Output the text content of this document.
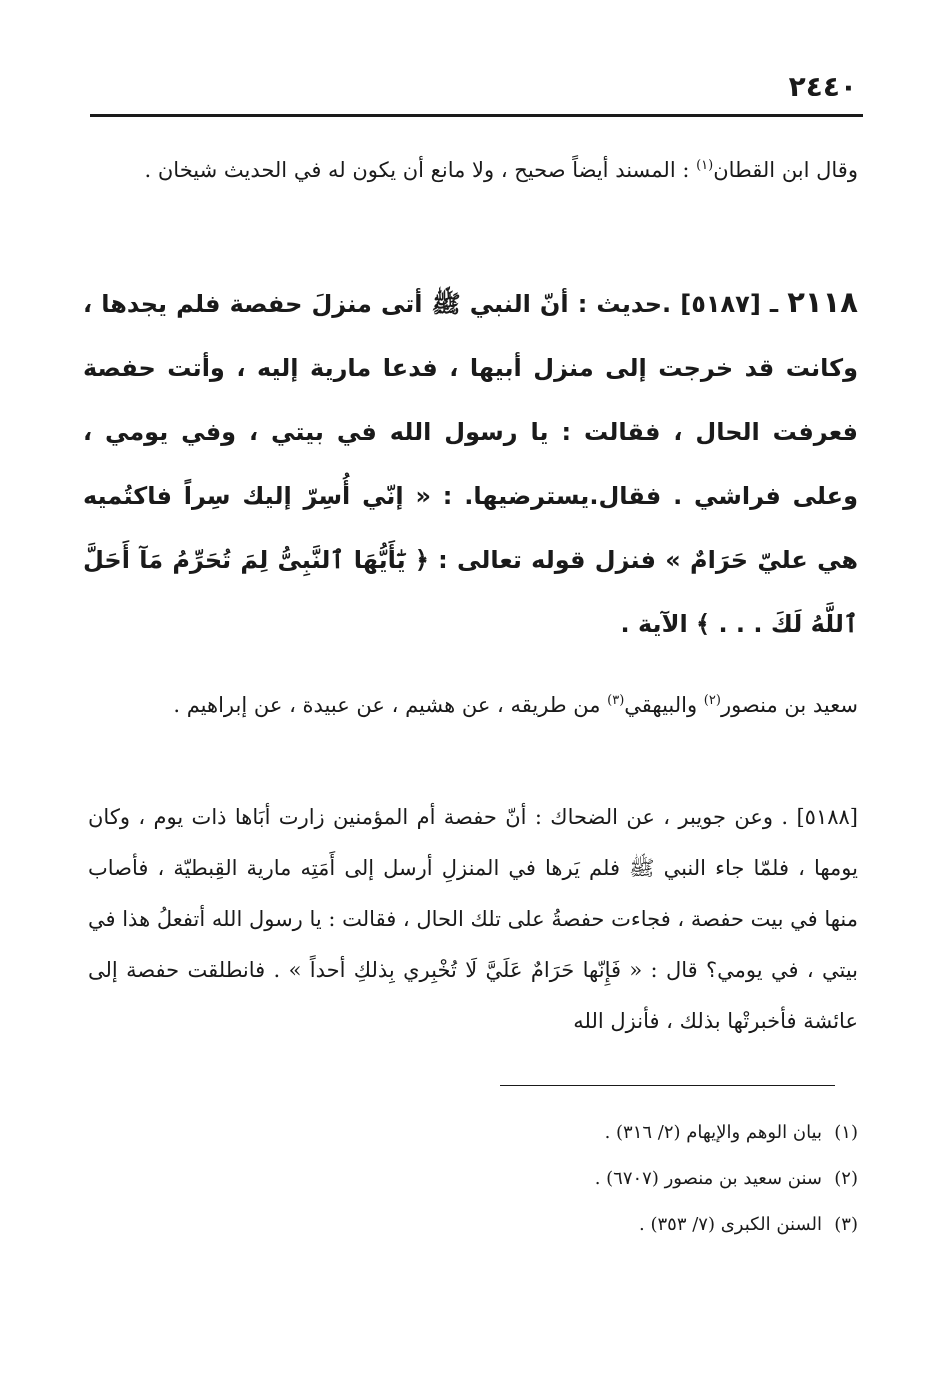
٢٤٤٠

وقال ابن القطان$^{(١)}$ : المسند أيضاً صحيح ، ولا مانع أن يكون له في الحديث شيخان .

٢١١٨ ـ [٥١٨٧] .حديث : أنّ النبي ﷺ أتى منزلَ حفصة فلم يجدها ، وكانت قد خرجت إلى منزل أبيها ، فدعا مارية إليه ، وأتت حفصة فعرفت الحال ، فقالت : يا رسول الله في بيتي ، وفي يومي ، وعلى فراشي . فقال.يسترضيها. : « إنّي أُسِرّ إليك سِراً فاكتُميه هي عليّ حَرَامٌ » فنزل قوله تعالى : ﴿ يَٰٓأَيُّهَا ٱلنَّبِىُّ لِمَ تُحَرِّمُ مَآ أَحَلَّ ٱللَّهُ لَكَ . . . ﴾ الآية .

سعيد بن منصور$^{(٢)}$ والبيهقي$^{(٣)}$ من طريقه ، عن هشيم ، عن عبيدة ، عن إبراهيم .

[٥١٨٨] . وعن جويبر ، عن الضحاك : أنّ حفصة أم المؤمنين زارت أبَاها ذات يوم ، وكان يومها ، فلمّا جاء النبي ﷺ فلم يَرها في المنزلِ أرسل إلى أَمَتِه مارية القِبطيّة ، فأصاب منها في بيت حفصة ، فجاءت حفصةُ على تلك الحال ، فقالت : يا رسول الله أتفعلُ هذا في بيتي ، في يومي؟ قال : « فَإِنّها حَرَامٌ عَلَيَّ لَا تُخْبِري بِذلكِ أحداً » . فانطلقت حفصة إلى عائشة فأخبرتْها بذلك ، فأنزل الله

(١)بيان الوهم والإيهام (٢/ ٣١٦) .
(٢)سنن سعيد بن منصور (٦٧٠٧) .
(٣)السنن الكبرى (٧/ ٣٥٣) .
